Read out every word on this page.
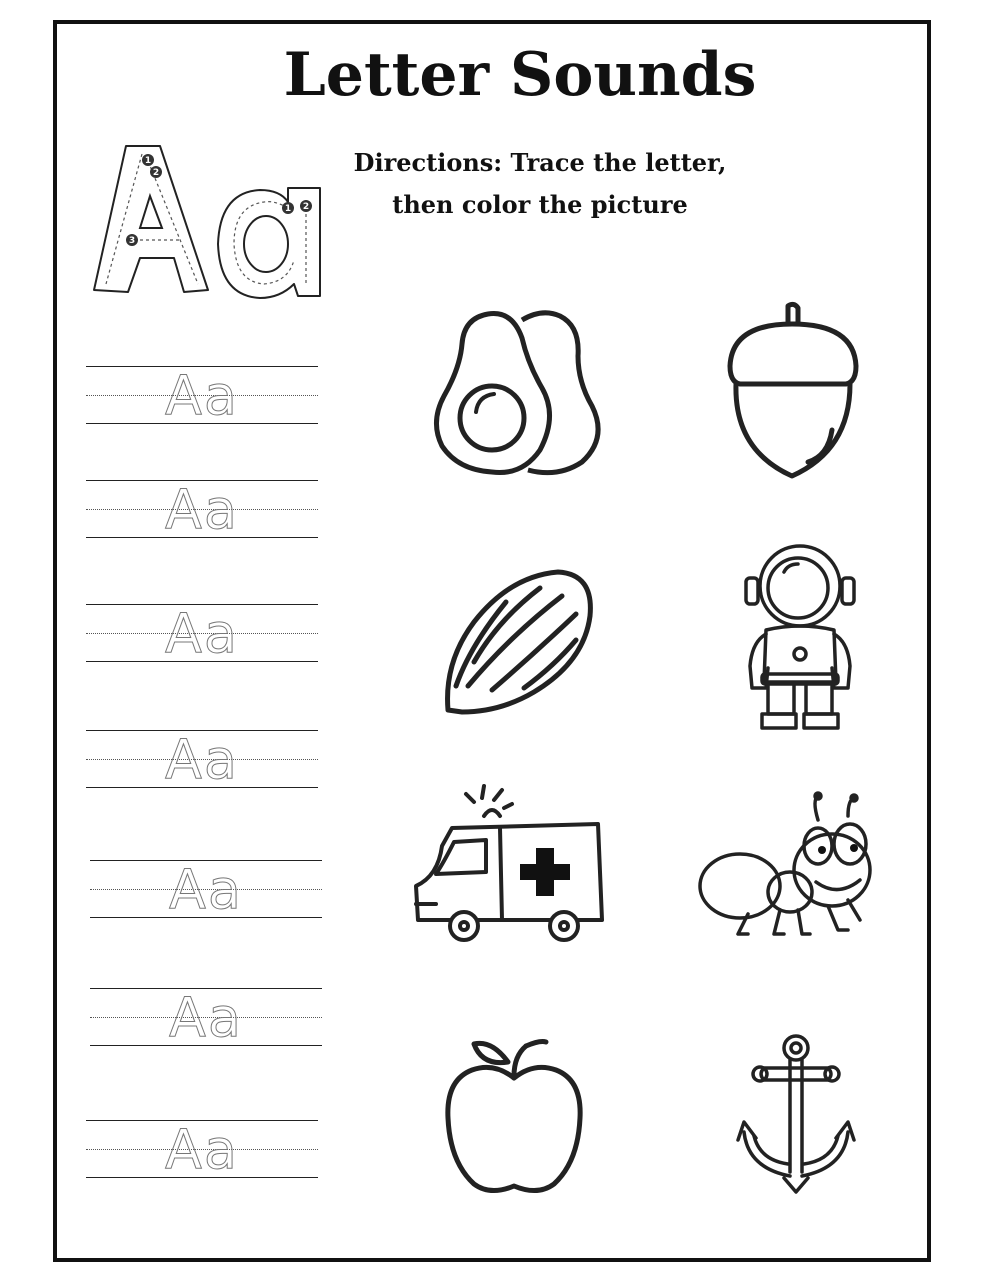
Letter Sounds
Directions: Trace the letter,
then color the picture
1
2
3
1 2
Aa
Aa
Aa
Aa
Aa
Aa
Aa
